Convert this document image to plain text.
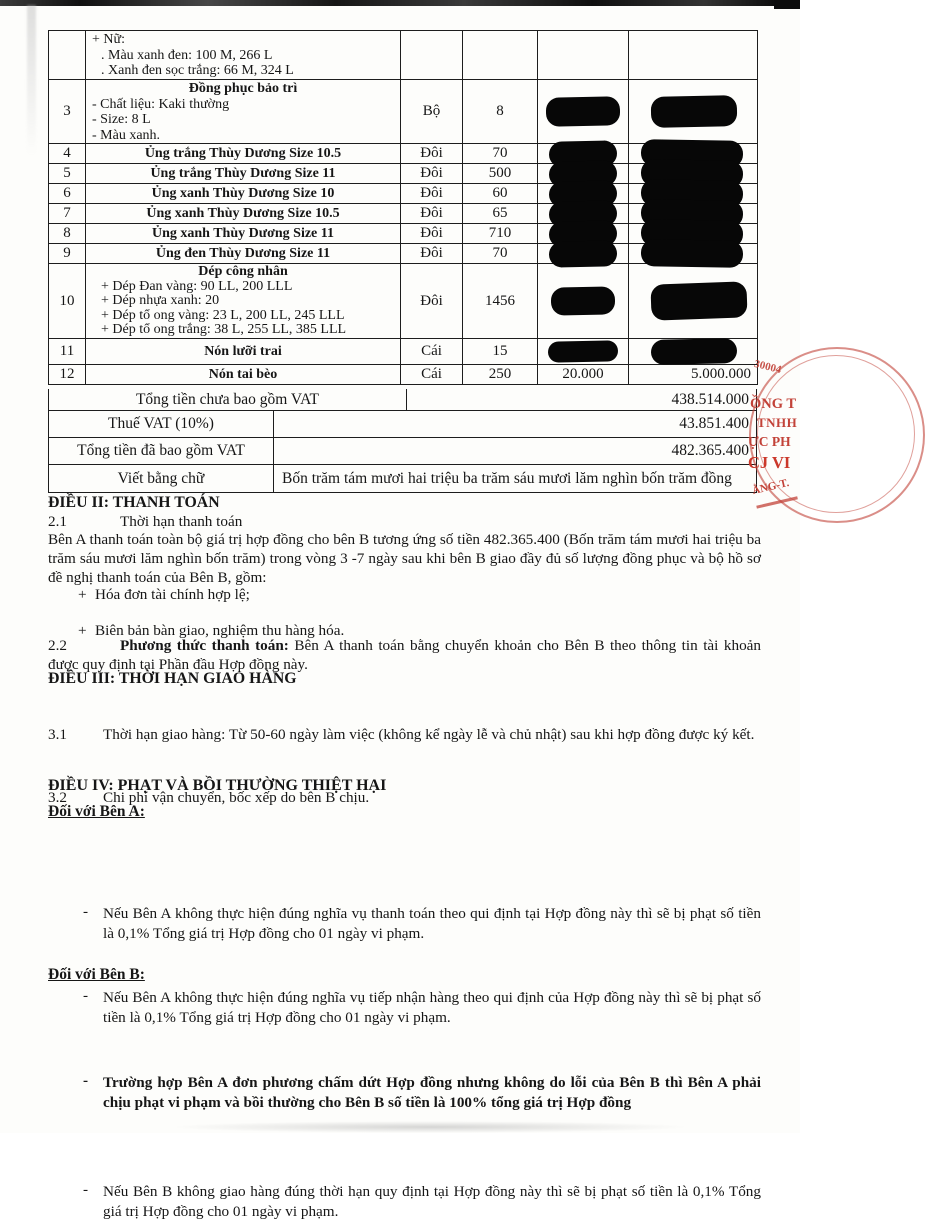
	+ Nữ:
. Màu xanh đen: 100 M, 266 L
. Xanh đen sọc trắng: 66 M, 324 L				

3	Đồng phục bảo trì
- Chất liệu: Kaki thường
- Size: 8 L
- Màu xanh.	Bộ	8	

4	Ủng trắng Thùy Dương Size 10.5	Đôi	70	

5	Ủng trắng Thùy Dương Size 11	Đôi	500	

6	Ủng xanh Thùy Dương Size 10	Đôi	60	

7	Ủng xanh Thùy Dương Size 10.5	Đôi	65	

8	Ủng xanh Thùy Dương Size 11	Đôi	710	

9	Ủng đen Thùy Dương Size 11	Đôi	70	

10	Dép công nhân
+ Dép Đan vàng: 90 LL, 200 LLL
+ Dép nhựa xanh: 20
+ Dép tổ ong vàng: 23 L, 200 LL, 245 LLL
+ Dép tổ ong trắng: 38 L, 255 LL, 385 LLL	Đôi	1456	

11	Nón lưỡi trai	Cái	15	

12	Nón tai bèo	Cái	250	20.000	5.000.000
Tổng tiền chưa bao gồm VAT	438.514.000
Thuế VAT (10%)	43.851.400
Tổng tiền đã bao gồm VAT	482.365.400
Viết bằng chữ	Bốn trăm tám mươi hai triệu ba trăm sáu mươi lăm nghìn bốn trăm đồng
ĐIỀU II: THANH TOÁN
2.1	Thời hạn thanh toán
Bên A thanh toán toàn bộ giá trị hợp đồng cho bên B tương ứng số tiền 482.365.400 (Bốn trăm tám mươi hai triệu ba trăm sáu mươi lăm nghìn bốn trăm) trong vòng 3 -7 ngày sau khi bên B giao đầy đủ số lượng đồng phục và bộ hồ sơ đề nghị thanh toán của Bên B, gồm:
+ Hóa đơn tài chính hợp lệ;
+ Biên bản bàn giao, nghiệm thu hàng hóa.
2.2	Phương thức thanh toán: Bên A thanh toán bằng chuyển khoản cho Bên B theo thông tin tài khoản được quy định tại Phần đầu Hợp đồng này.
ĐIỀU III: THỜI HẠN GIAO HÀNG
3.1 Thời hạn giao hàng: Từ 50-60 ngày làm việc (không kể ngày lễ và chủ nhật) sau khi hợp đồng được ký kết.
3.2 Chi phí vận chuyển, bốc xếp do bên B chịu.
ĐIỀU IV: PHẠT VÀ BỒI THƯỜNG THIỆT HẠI
Đối với Bên A:
- Nếu Bên A không thực hiện đúng nghĩa vụ thanh toán theo qui định tại Hợp đồng này thì sẽ bị phạt số tiền là 0,1% Tổng giá trị Hợp đồng cho 01 ngày vi phạm.
- Nếu Bên A không thực hiện đúng nghĩa vụ tiếp nhận hàng theo qui định của Hợp đồng này thì sẽ bị phạt số tiền là 0,1% Tổng giá trị Hợp đồng cho 01 ngày vi phạm.
- Trường hợp Bên A đơn phương chấm dứt Hợp đồng nhưng không do lỗi của Bên B thì Bên A phải chịu phạt vi phạm và bồi thường cho Bên B số tiền là 100% tổng giá trị Hợp đồng
Đối với Bên B:
- Nếu Bên B không giao hàng đúng thời hạn quy định tại Hợp đồng này thì sẽ bị phạt số tiền là 0,1% Tổng giá trị Hợp đồng cho 01 ngày vi phạm.
30004
ỒNG T
TNHH
ỰC PH
CJ VI
ẰNG-T.
